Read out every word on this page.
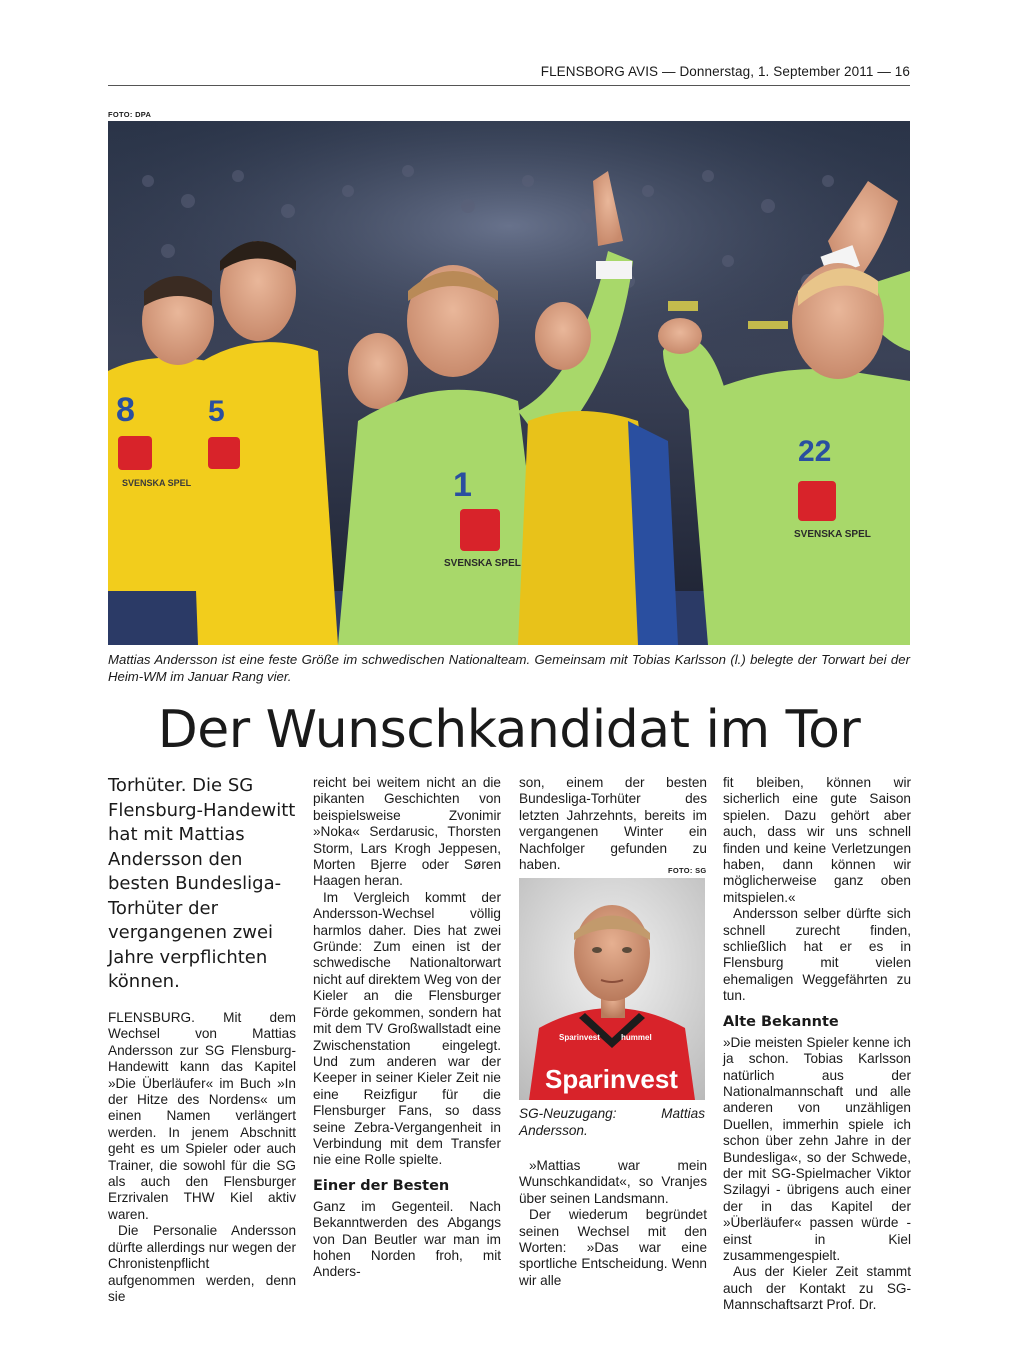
FLENSBORG AVIS — Donnerstag, 1. September 2011 — 16
FOTO: DPA
8 5
1
22
SVENSKA SPEL
SVENSKA SPEL
SVENSKA SPEL
Mattias Andersson ist eine feste Größe im schwedischen Nationalteam. Gemeinsam mit Tobias Karlsson (l.) belegte der Torwart bei der Heim-WM im Januar Rang vier.
Der Wunschkandidat im Tor
Torhüter. Die SG Flensburg-Handewitt hat mit Mattias Andersson den besten Bundesliga-Torhüter der vergangenen zwei Jahre verpflichten können.

FLENSBURG. Mit dem Wechsel von Mattias Andersson zur SG Flensburg-Handewitt kann das Kapitel »Die Überläufer« im Buch »In der Hitze des Nordens« um einen Namen verlängert werden. In jenem Abschnitt geht es um Spieler oder auch Trainer, die sowohl für die SG als auch den Flensburger Erzrivalen THW Kiel aktiv waren.

Die Personalie Andersson dürfte allerdings nur wegen der Chronistenpflicht aufgenommen werden, denn sie

reicht bei weitem nicht an die pikanten Geschichten von beispielsweise Zvonimir »Noka« Serdarusic, Thorsten Storm, Lars Krogh Jeppesen, Morten Bjerre oder Søren Haagen heran.

Im Vergleich kommt der Andersson-Wechsel völlig harmlos daher. Dies hat zwei Gründe: Zum einen ist der schwedische Nationaltorwart nicht auf direktem Weg von der Kieler an die Flensburger Förde gekommen, sondern hat mit dem TV Großwallstadt eine Zwischenstation eingelegt. Und zum anderen war der Keeper in seiner Kieler Zeit nie eine Reizfigur für die Flensburger Fans, so dass seine Zebra-Vergangenheit in Verbindung mit dem Transfer nie eine Rolle spielte.

Einer der Besten

Ganz im Gegenteil. Nach Bekanntwerden des Abgangs von Dan Beutler war man im hohen Norden froh, mit Anders-

son, einem der besten Bundesliga-Torhüter des letzten Jahrzehnts, bereits im vergangenen Winter ein Nachfolger gefunden zu haben.	FOTO: SG
Sparinvest	hummel
Sparinvest
SG-Neuzugang: Mattias Andersson.

»Mattias war mein Wunschkandidat«, so Vranjes über seinen Landsmann.

Der wiederum begründet seinen Wechsel mit den Worten: »Das war eine sportliche Entscheidung. Wenn wir alle

fit bleiben, können wir sicherlich eine gute Saison spielen. Dazu gehört aber auch, dass wir uns schnell finden und keine Verletzungen haben, dann können wir möglicherweise ganz oben mitspielen.«

Andersson selber dürfte sich schnell zurecht finden, schließlich hat er es in Flensburg mit vielen ehemaligen Weggefährten zu tun.

Alte Bekannte

»Die meisten Spieler kenne ich ja schon. Tobias Karlsson natürlich aus der Nationalmannschaft und alle anderen von unzähligen Duellen, immerhin spiele ich schon über zehn Jahre in der Bundesliga«, so der Schwede, der mit SG-Spielmacher Viktor Szilagyi - übrigens auch einer der in das Kapitel der »Überläufer« passen würde - einst in Kiel zusammengespielt.

Aus der Kieler Zeit stammt auch der Kontakt zu SG-Mannschaftsarzt Prof. Dr.
